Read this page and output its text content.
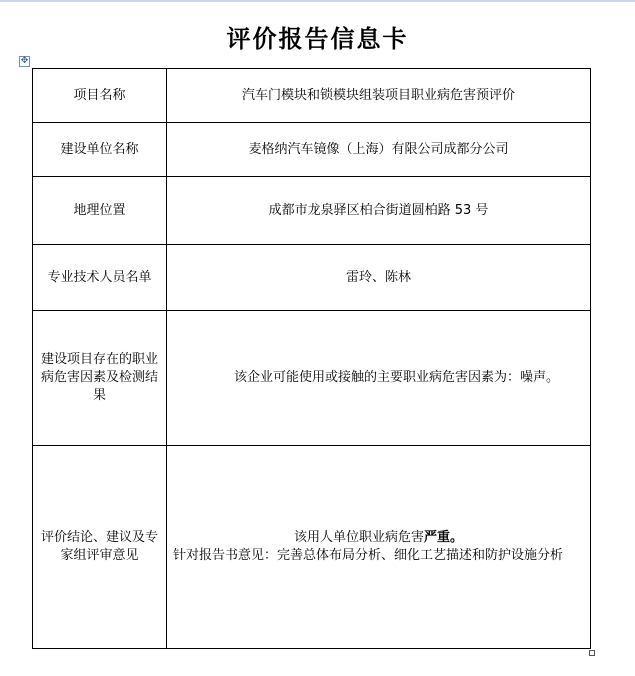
评价报告信息卡
✥
项目名称	汽车门模块和锁模块组装项目职业病危害预评价
建设单位名称	麦格纳汽车镜像（上海）有限公司成都分公司
地理位置	成都市龙泉驿区柏合街道圆柏路 53 号
专业技术人员名单	雷玲、陈林
建设项目存在的职业病危害因素及检测结果	该企业可能使用或接触的主要职业病危害因素为：噪声。
评价结论、建议及专家组评审意见	该用人单位职业病危害严重。
针对报告书意见：完善总体布局分析、细化工艺描述和防护设施分析
